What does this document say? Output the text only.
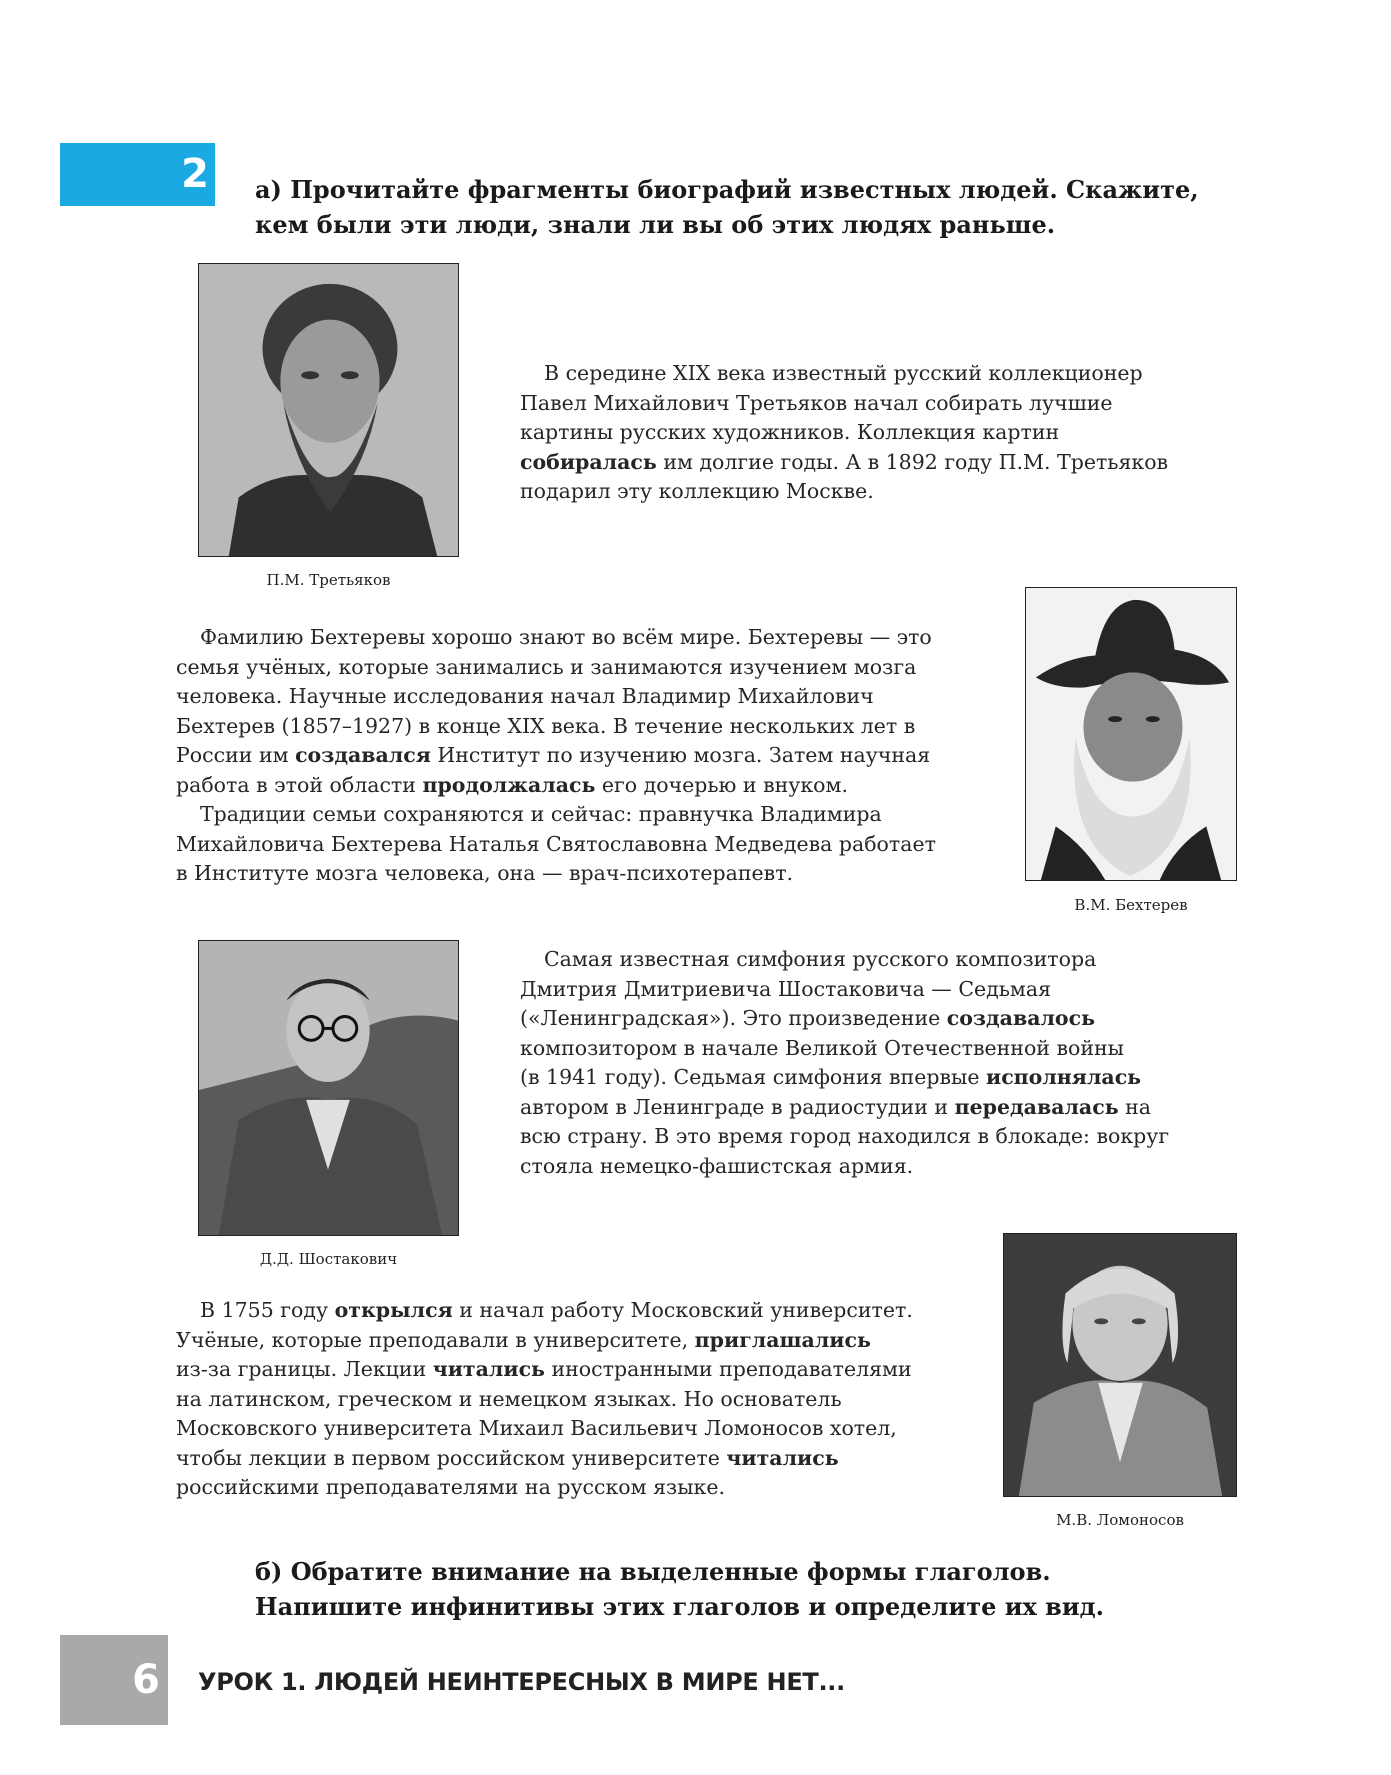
2 а) Прочитайте фрагменты биографий известных людей. Скажите,
кем были эти люди, знали ли вы об этих людях раньше.
П.М. Третьяков

В середине XIX века известный русский коллекционер

Павел Михайлович Третьяков начал собирать лучшие
картины русских художников. Коллекция картин
собиралась им долгие годы. А в 1892 году П.М. Третьяков
подарил эту коллекцию Москве.

Фамилию Бехтеревы хорошо знают во всём мире. Бехтеревы — это

семья учёных, которые занимались и занимаются изучением мозга
человека. Научные исследования начал Владимир Михайлович
Бехтерев (1857–1927) в конце XIX века. В течение нескольких лет в
России им создавался Институт по изучению мозга. Затем научная
работа в этой области продолжалась его дочерью и внуком.

Традиции семьи сохраняются и сейчас: правнучка Владимира

Михайловича Бехтерева Наталья Святославовна Медведева работает
в Институте мозга человека, она — врач-психотерапевт.
В.М. Бехтерев
Д.Д. Шостакович

Самая известная симфония русского композитора

Дмитрия Дмитриевича Шостаковича — Седьмая
(«Ленинградская»). Это произведение создавалось
композитором в начале Великой Отечественной войны
(в 1941 году). Седьмая симфония впервые исполнялась
автором в Ленинграде в радиостудии и передавалась на
всю страну. В это время город находился в блокаде: вокруг
стояла немецко-фашистская армия.
М.В. Ломоносов

В 1755 году открылся и начал работу Московский университет.

Учёные, которые преподавали в университете, приглашались
из-за границы. Лекции читались иностранными преподавателями
на латинском, греческом и немецком языках. Но основатель
Московского университета Михаил Васильевич Ломоносов хотел,
чтобы лекции в первом российском университете читались
российскими преподавателями на русском языке.
б) Обратите внимание на выделенные формы глаголов.
Напишите инфинитивы этих глаголов и определите их вид.
6	УРОК 1. ЛЮДЕЙ НЕИНТЕРЕСНЫХ В МИРЕ НЕТ...
